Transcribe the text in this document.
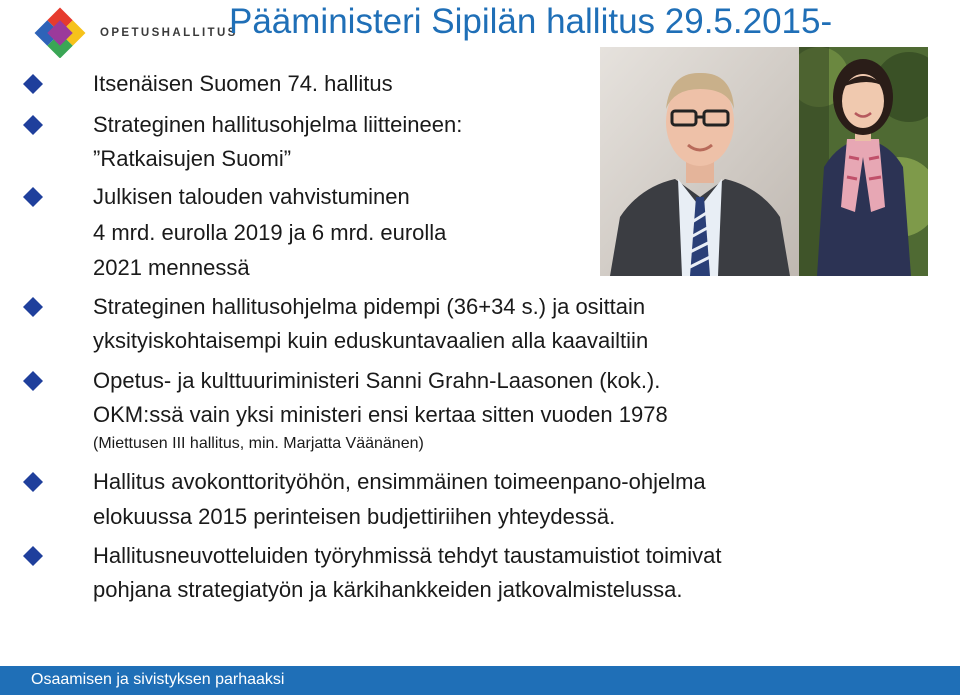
OPETUSHALLITUS
Pääministeri Sipilän hallitus 29.5.2015-
Itsenäisen Suomen 74. hallitus
Strateginen hallitusohjelma liitteineen:
”Ratkaisujen Suomi”
Julkisen talouden vahvistuminen
4 mrd. eurolla 2019 ja 6 mrd. eurolla
2021 mennessä
Strateginen hallitusohjelma pidempi (36+34 s.) ja osittain
yksityiskohtaisempi kuin eduskuntavaalien alla kaavailtiin
Opetus- ja kulttuuriministeri Sanni Grahn-Laasonen (kok.).
OKM:ssä vain yksi ministeri ensi kertaa sitten vuoden 1978
(Miettusen III hallitus, min. Marjatta Väänänen)
Hallitus avokonttorityöhön, ensimmäinen toimeenpano-ohjelma
elokuussa 2015 perinteisen budjettiriihen yhteydessä.
Hallitusneuvotteluiden työryhmissä tehdyt taustamuistiot toimivat
pohjana strategiatyön ja kärkihankkeiden jatkovalmistelussa.
Osaamisen ja sivistyksen parhaaksi
